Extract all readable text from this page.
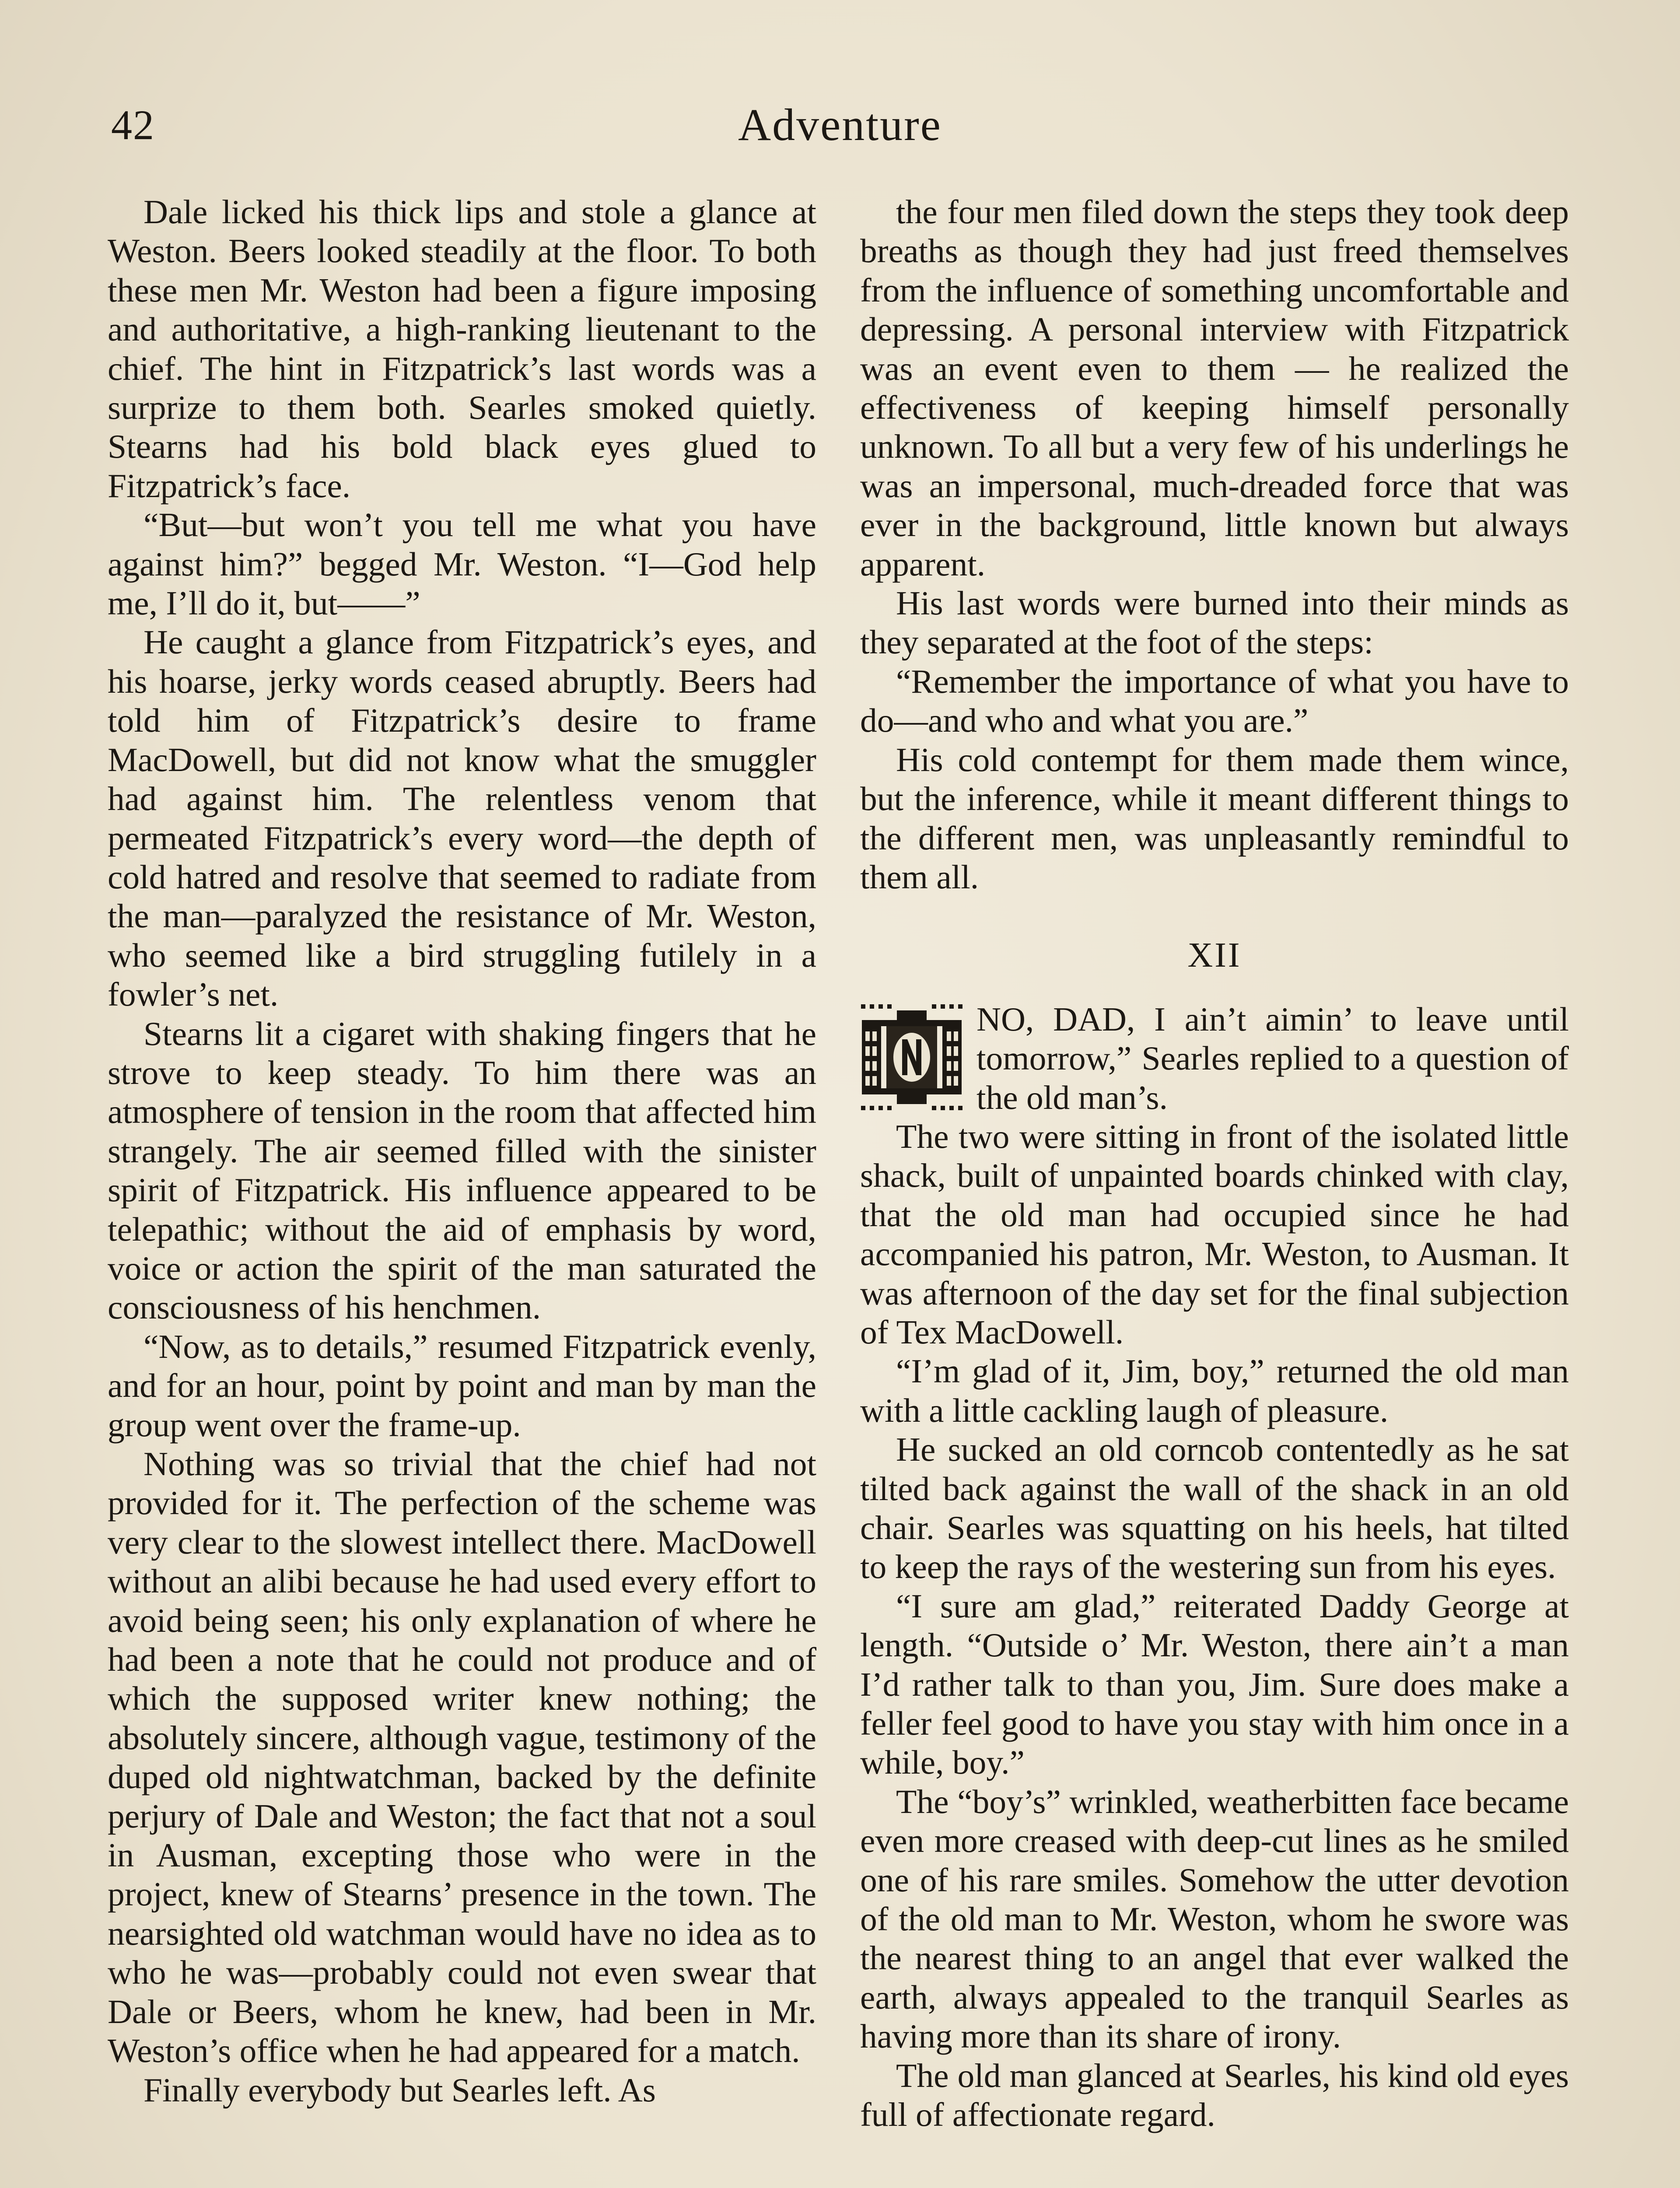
42	Adventure

Dale licked his thick lips and stole a glance at Weston. Beers looked steadily at the floor. To both these men Mr. Weston had been a figure imposing and authoritative, a high-ranking lieutenant to the chief. The hint in Fitzpatrick’s last words was a surprize to them both. Searles smoked quietly. Stearns had his bold black eyes glued to Fitzpatrick’s face.

“But—but won’t you tell me what you have against him?” begged Mr. Weston. “I—God help me, I’ll do it, but——”

He caught a glance from Fitzpatrick’s eyes, and his hoarse, jerky words ceased abruptly. Beers had told him of Fitzpatrick’s desire to frame MacDowell, but did not know what the smuggler had against him. The relentless venom that permeated Fitzpatrick’s every word—the depth of cold hatred and resolve that seemed to radiate from the man—paralyzed the resistance of Mr. Weston, who seemed like a bird struggling futilely in a fowler’s net.

Stearns lit a cigaret with shaking fingers that he strove to keep steady. To him there was an atmosphere of tension in the room that affected him strangely. The air seemed filled with the sinister spirit of Fitzpatrick. His influence appeared to be telepathic; without the aid of emphasis by word, voice or action the spirit of the man saturated the consciousness of his henchmen.

“Now, as to details,” resumed Fitzpatrick evenly, and for an hour, point by point and man by man the group went over the frame-up.

Nothing was so trivial that the chief had not provided for it. The perfection of the scheme was very clear to the slowest intellect there. MacDowell without an alibi because he had used every effort to avoid being seen; his only explanation of where he had been a note that he could not produce and of which the supposed writer knew nothing; the absolutely sincere, although vague, testimony of the duped old nightwatchman, backed by the definite perjury of Dale and Weston; the fact that not a soul in Ausman, excepting those who were in the project, knew of Stearns’ presence in the town. The nearsighted old watchman would have no idea as to who he was—probably could not even swear that Dale or Beers, whom he knew, had been in Mr. Weston’s office when he had appeared for a match.

Finally everybody but Searles left. As

the four men filed down the steps they took deep breaths as though they had just freed themselves from the influence of something uncomfortable and depressing. A personal interview with Fitzpatrick was an event even to them — he realized the effectiveness of keeping himself personally unknown. To all but a very few of his underlings he was an impersonal, much-dreaded force that was ever in the background, little known but always apparent.

His last words were burned into their minds as they separated at the foot of the steps:

“Remember the importance of what you have to do—and who and what you are.”

His cold contempt for them made them wince, but the inference, while it meant different things to the different men, was unpleasantly remindful to them all.

XII

NO, DAD, I ain’t aimin’ to leave until tomorrow,” Searles replied to a question of the old man’s.

The two were sitting in front of the isolated little shack, built of unpainted boards chinked with clay, that the old man had occupied since he had accompanied his patron, Mr. Weston, to Ausman. It was afternoon of the day set for the final subjection of Tex MacDowell.

“I’m glad of it, Jim, boy,” returned the old man with a little cackling laugh of pleasure.

He sucked an old corncob contentedly as he sat tilted back against the wall of the shack in an old chair. Searles was squatting on his heels, hat tilted to keep the rays of the westering sun from his eyes.

“I sure am glad,” reiterated Daddy George at length. “Outside o’ Mr. Weston, there ain’t a man I’d rather talk to than you, Jim. Sure does make a feller feel good to have you stay with him once in a while, boy.”

The “boy’s” wrinkled, weatherbitten face became even more creased with deep-cut lines as he smiled one of his rare smiles. Somehow the utter devotion of the old man to Mr. Weston, whom he swore was the nearest thing to an angel that ever walked the earth, always appealed to the tranquil Searles as having more than its share of irony.

The old man glanced at Searles, his kind old eyes full of affectionate regard.
